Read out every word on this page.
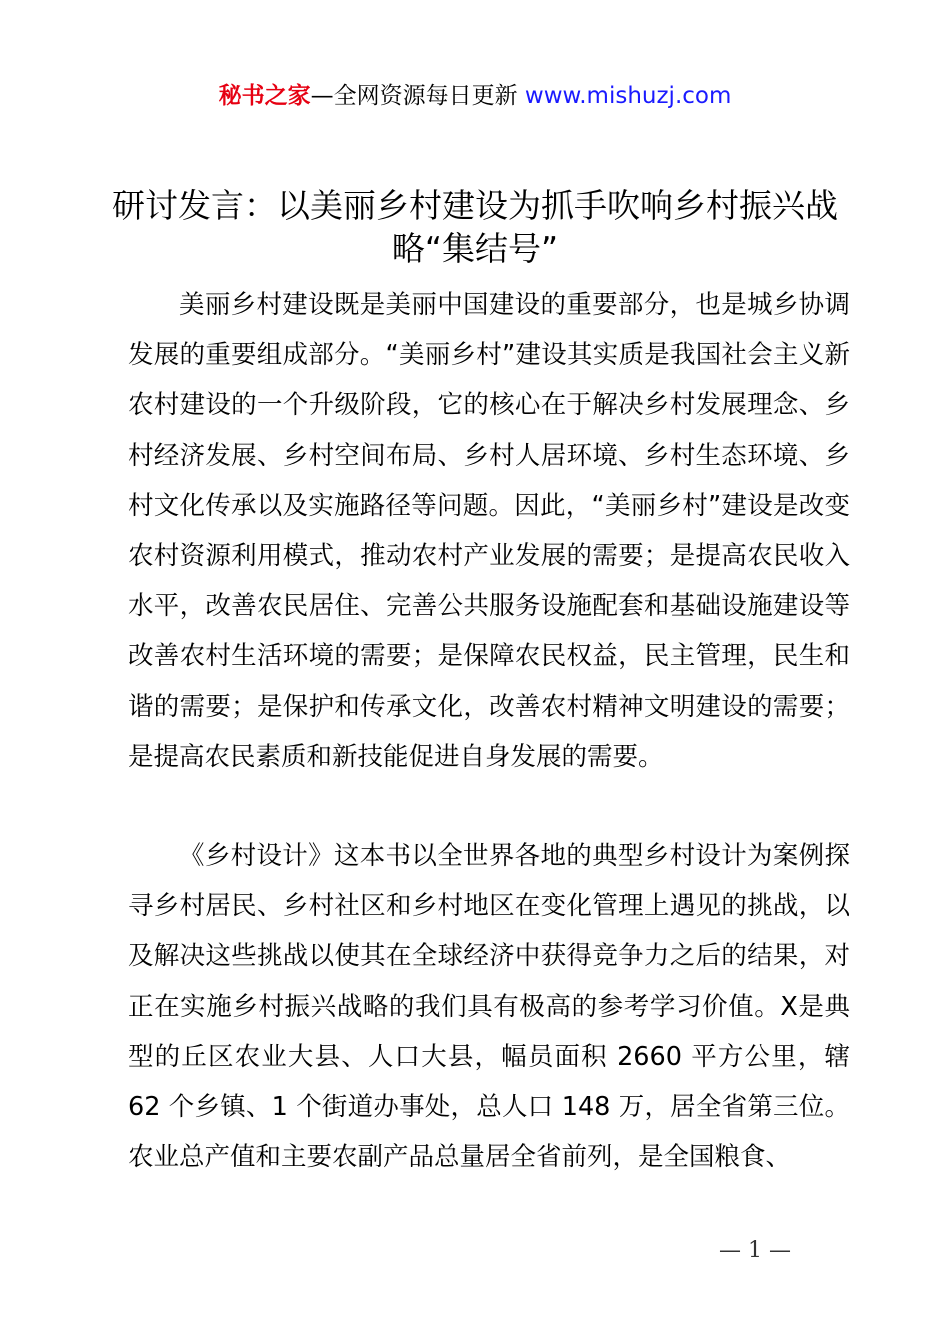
秘书之家—全网资源每日更新 www.mishuzj.com
研讨发言：以美丽乡村建设为抓手吹响乡村振兴战略“集结号”

美丽乡村建设既是美丽中国建设的重要部分，也是城乡协调发展的重要组成部分。“美丽乡村”建设其实质是我国社会主义新农村建设的一个升级阶段，它的核心在于解决乡村发展理念、乡村经济发展、乡村空间布局、乡村人居环境、乡村生态环境、乡村文化传承以及实施路径等问题。因此，“美丽乡村”建设是改变农村资源利用模式，推动农村产业发展的需要；是提高农民收入水平，改善农民居住、完善公共服务设施配套和基础设施建设等改善农村生活环境的需要；是保障农民权益，民主管理，民生和谐的需要；是保护和传承文化，改善农村精神文明建设的需要；是提高农民素质和新技能促进自身发展的需要。

《乡村设计》这本书以全世界各地的典型乡村设计为案例探寻乡村居民、乡村社区和乡村地区在变化管理上遇见的挑战，以及解决这些挑战以使其在全球经济中获得竞争力之后的结果，对正在实施乡村振兴战略的我们具有极高的参考学习价值。X是典型的丘区农业大县、人口大县，幅员面积 2660 平方公里，辖 62 个乡镇、1 个街道办事处，总人口 148 万，居全省第三位。农业总产值和主要农副产品总量居全省前列，是全国粮食、

— 1 —
